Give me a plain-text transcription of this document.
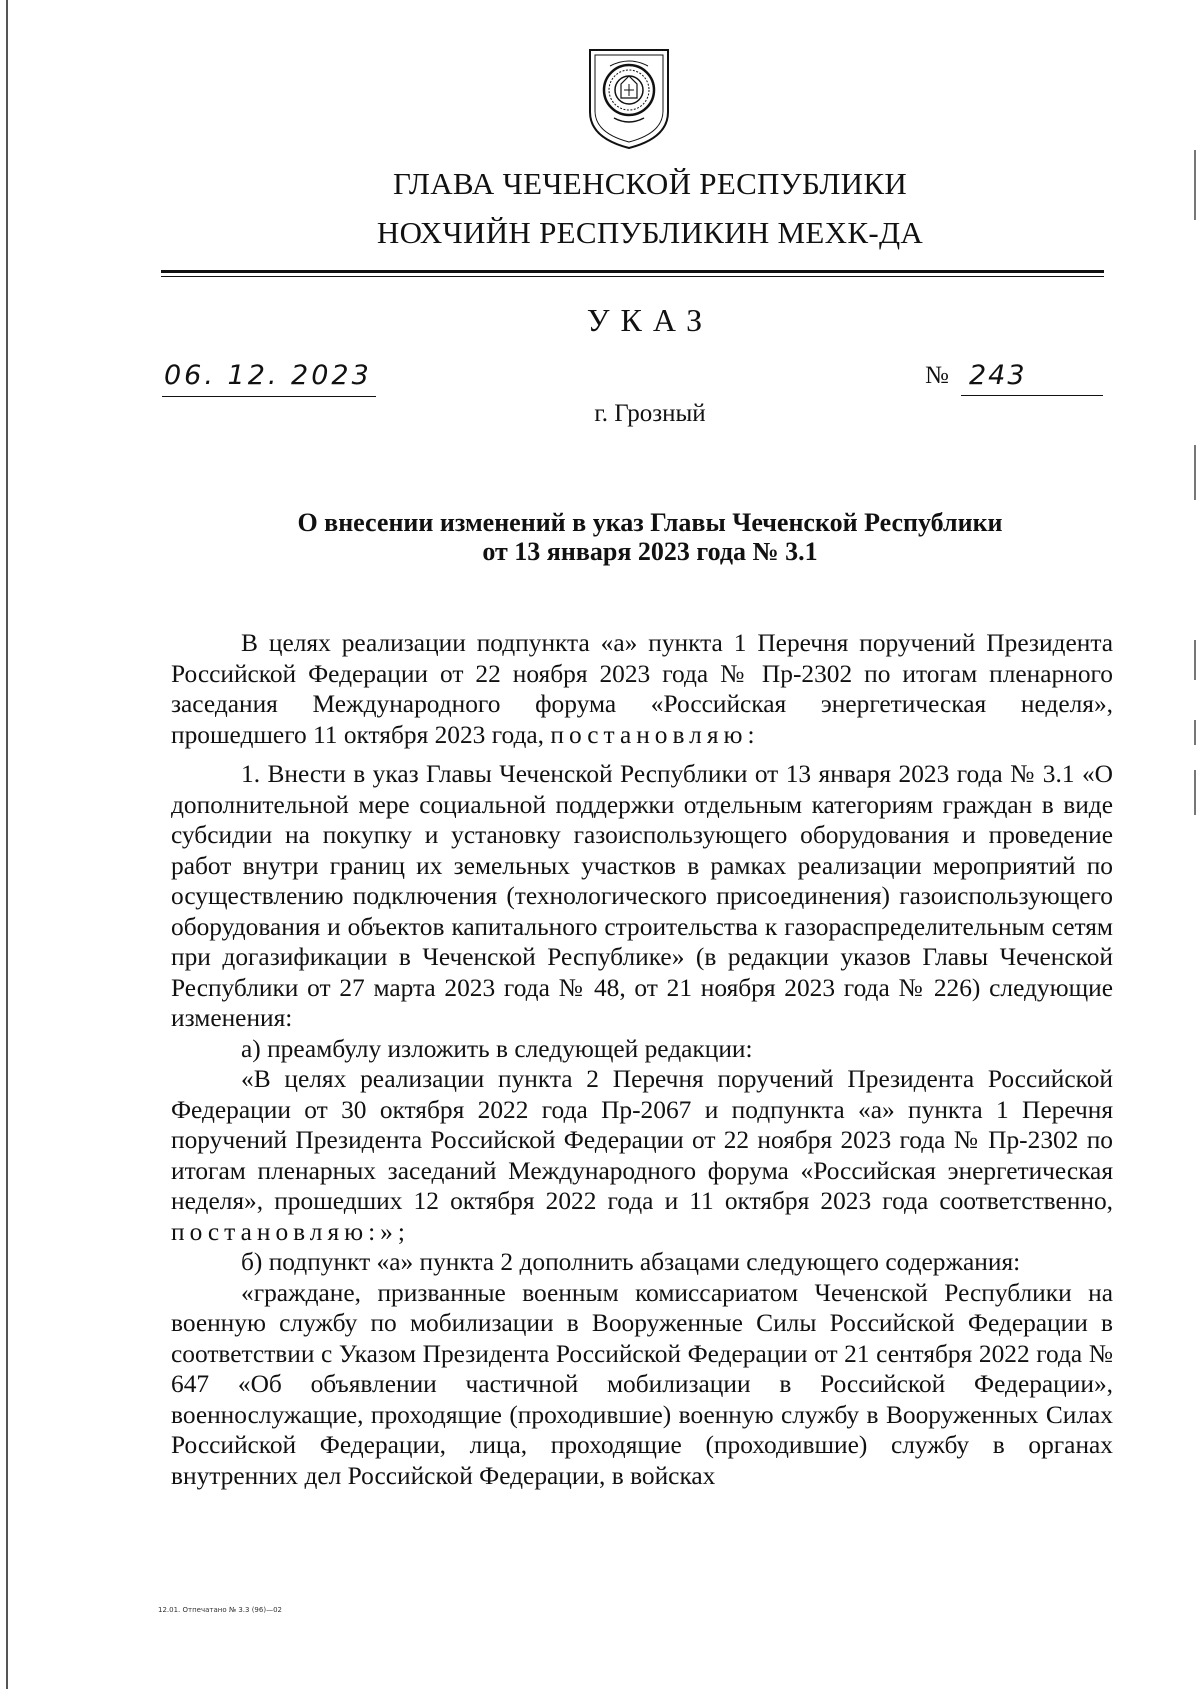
ГЛАВА ЧЕЧЕНСКОЙ РЕСПУБЛИКИ
НОХЧИЙН РЕСПУБЛИКИН МЕХК-ДА
УКАЗ
06. 12. 2023	№ 243
г. Грозный
О внесении изменений в указ Главы Чеченской Республики
от 13 января 2023 года № 3.1

В целях реализации подпункта «а» пункта 1 Перечня поручений Президента Российской Федерации от 22 ноября 2023 года № Пр-2302 по итогам пленарного заседания Международного форума «Российская энергетическая неделя», прошедшего 11 октября 2023 года, постановляю:

1. Внести в указ Главы Чеченской Республики от 13 января 2023 года № 3.1 «О дополнительной мере социальной поддержки отдельным категориям граждан в виде субсидии на покупку и установку газоиспользующего оборудования и проведение работ внутри границ их земельных участков в рамках реализации мероприятий по осуществлению подключения (технологического присоединения) газоиспользующего оборудования и объектов капитального строительства к газораспределительным сетям при догазификации в Чеченской Республике» (в редакции указов Главы Чеченской Республики от 27 марта 2023 года № 48, от 21 ноября 2023 года № 226) следующие изменения:

а) преамбулу изложить в следующей редакции:

«В целях реализации пункта 2 Перечня поручений Президента Российской Федерации от 30 октября 2022 года Пр-2067 и подпункта «а» пункта 1 Перечня поручений Президента Российской Федерации от 22 ноября 2023 года № Пр-2302 по итогам пленарных заседаний Международного форума «Российская энергетическая неделя», прошедших 12 октября 2022 года и 11 октября 2023 года соответственно, постановляю:»;

б) подпункт «а» пункта 2 дополнить абзацами следующего содержания:

«граждане, призванные военным комиссариатом Чеченской Республики на военную службу по мобилизации в Вооруженные Силы Российской Федерации в соответствии с Указом Президента Российской Федерации от 21 сентября 2022 года № 647 «Об объявлении частичной мобилизации в Российской Федерации», военнослужащие, проходящие (проходившие) военную службу в Вооруженных Силах Российской Федерации, лица, проходящие (проходившие) службу в органах внутренних дел Российской Федерации, в войсках

12.01. Отпечатано № 3.3 (96)—02
